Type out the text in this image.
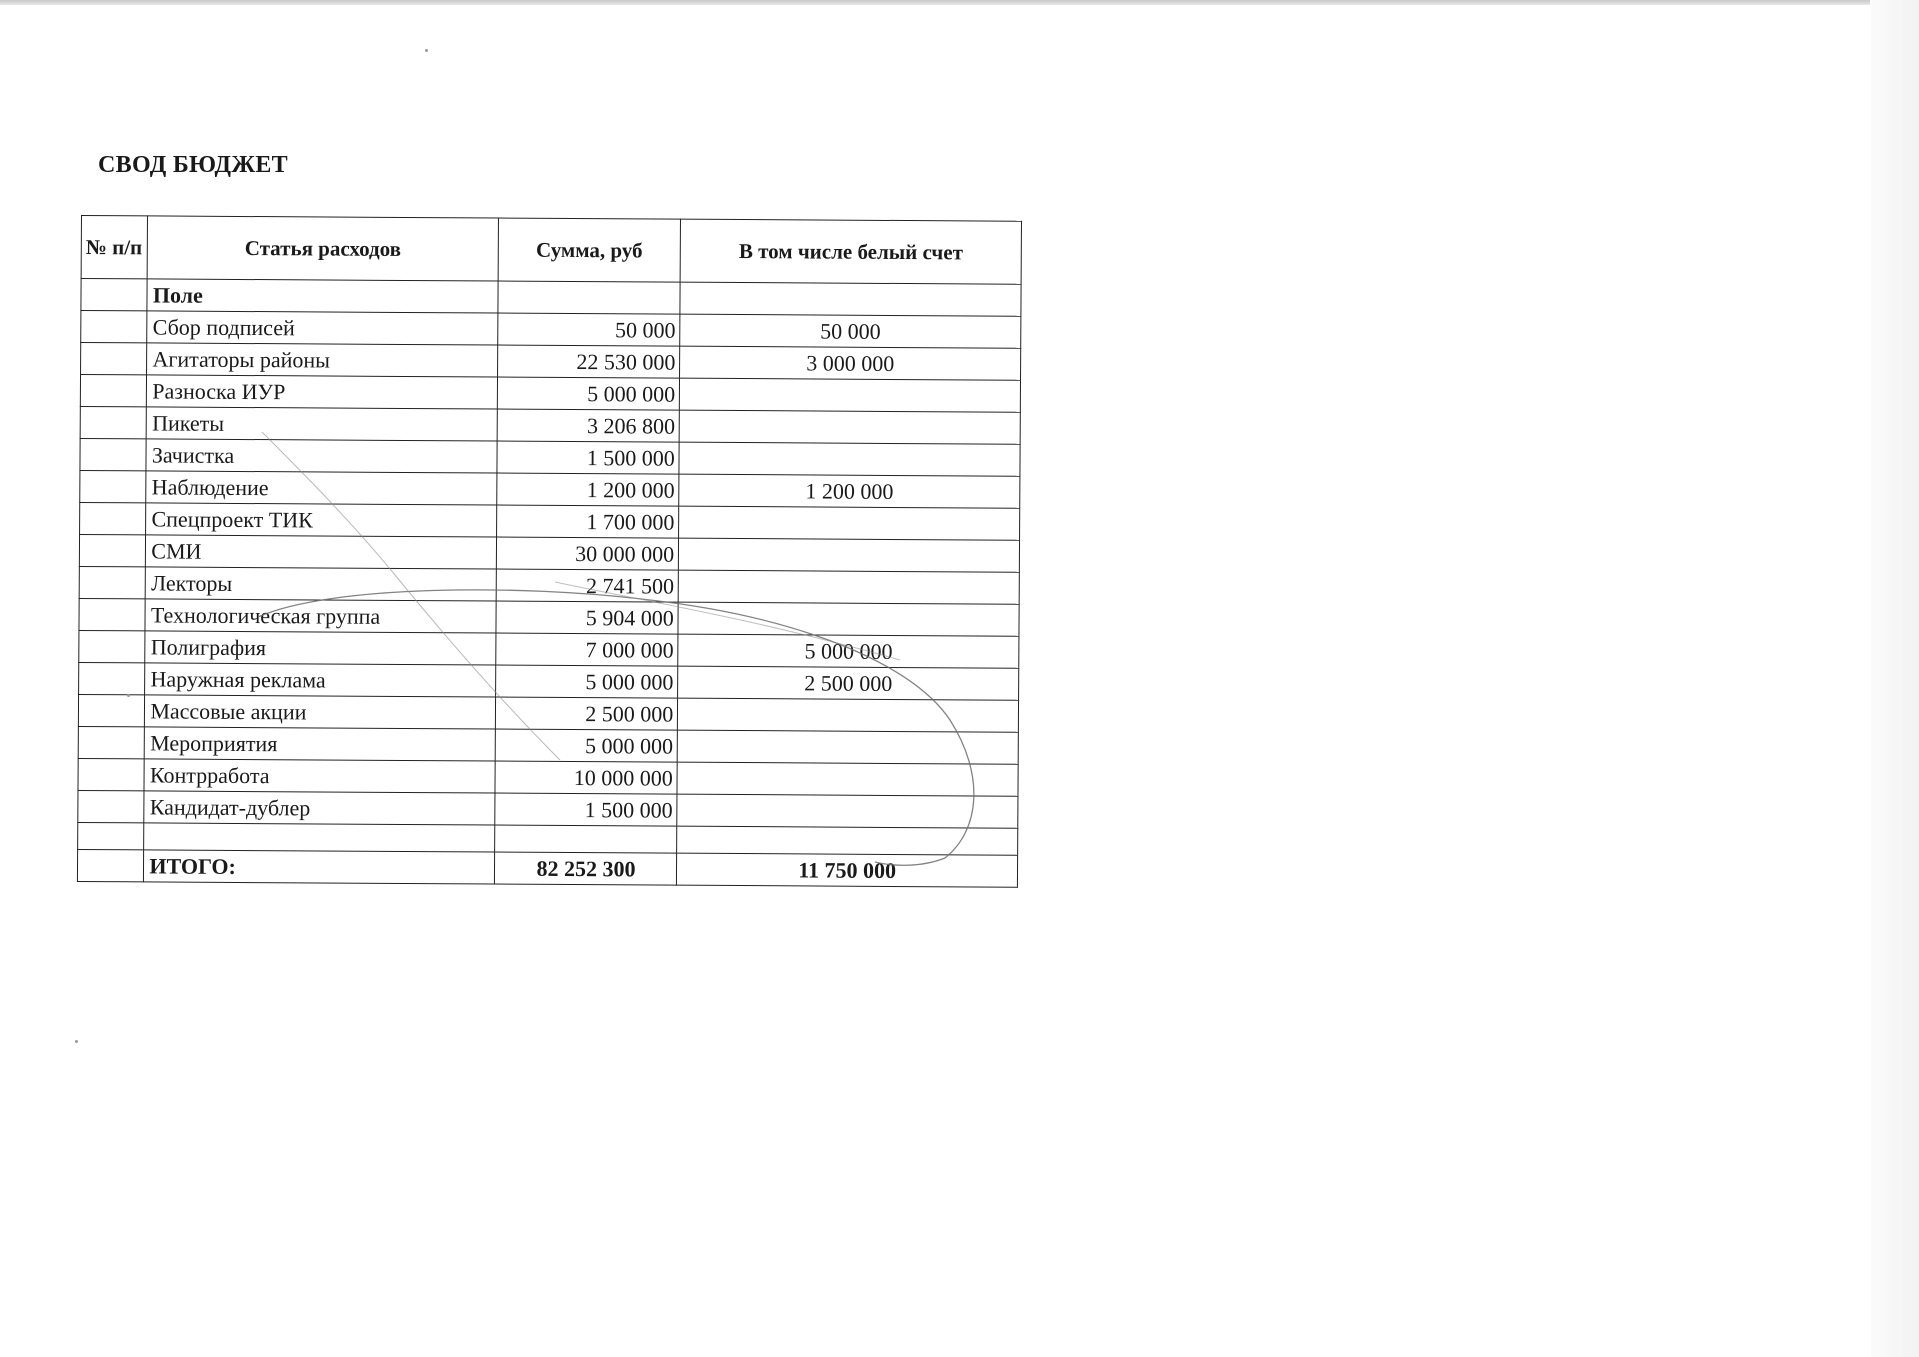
СВОД БЮДЖЕТ
№ п/п	Статья расходов	Сумма, руб	В том числе белый счет
	Поле		
	Сбор подписей	50 000	50 000
	Агитаторы районы	22 530 000	3 000 000
	Разноска ИУР	5 000 000	
	Пикеты	3 206 800	
	Зачистка	1 500 000	
	Наблюдение	1 200 000	1 200 000
	Спецпроект ТИК	1 700 000	
	СМИ	30 000 000	
	Лекторы	2 741 500	
	Технологическая группа	5 904 000	
	Полиграфия	7 000 000	5 000 000
	Наружная реклама	5 000 000	2 500 000
	Массовые акции	2 500 000	
	Мероприятия	5 000 000	
	Контрработа	10 000 000	
	Кандидат-дублер	1 500 000	

	ИТОГО:	82 252 300	11 750 000
